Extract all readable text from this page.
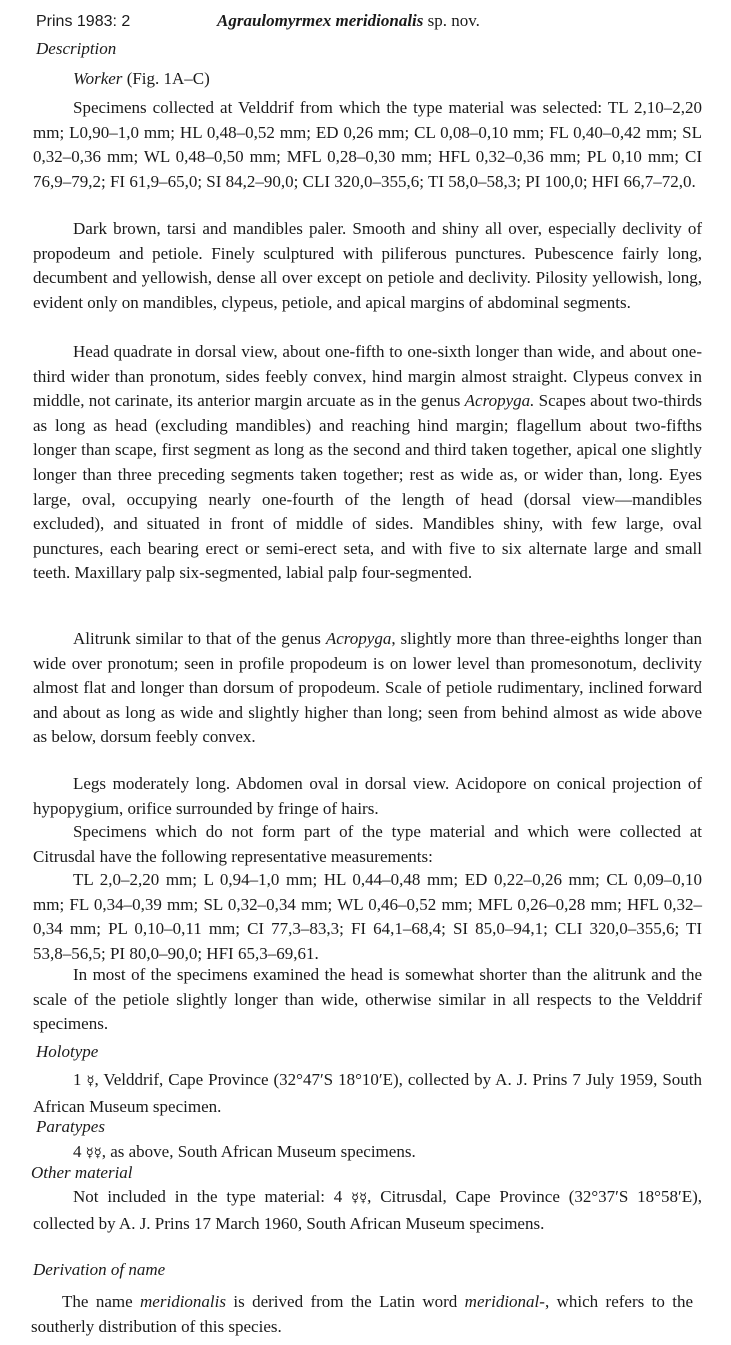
Prins 1983: 2	Agraulomyrmex meridionalis sp. nov.
Description
Worker (Fig. 1A–C)

Specimens collected at Velddrif from which the type material was selected: TL 2,10–2,20 mm; L0,90–1,0 mm; HL 0,48–0,52 mm; ED 0,26 mm; CL 0,08–0,10 mm; FL 0,40–0,42 mm; SL 0,32–0,36 mm; WL 0,48–0,50 mm; MFL 0,28–0,30 mm; HFL 0,32–0,36 mm; PL 0,10 mm; CI 76,9–79,2; FI 61,9–65,0; SI 84,2–90,0; CLI 320,0–355,6; TI 58,0–58,3; PI 100,0; HFI 66,7–72,0.

Dark brown, tarsi and mandibles paler. Smooth and shiny all over, especially declivity of propodeum and petiole. Finely sculptured with piliferous punctures. Pubescence fairly long, decumbent and yellowish, dense all over except on petiole and declivity. Pilosity yellowish, long, evident only on mandibles, clypeus, petiole, and apical margins of abdominal segments.

Head quadrate in dorsal view, about one-fifth to one-sixth longer than wide, and about one-third wider than pronotum, sides feebly convex, hind margin almost straight. Clypeus convex in middle, not carinate, its anterior margin arcuate as in the genus Acropyga. Scapes about two-thirds as long as head (excluding mandibles) and reaching hind margin; flagellum about two-fifths longer than scape, first segment as long as the second and third taken together, apical one slightly longer than three preceding segments taken together; rest as wide as, or wider than, long. Eyes large, oval, occupying nearly one-fourth of the length of head (dorsal view—mandibles excluded), and situated in front of middle of sides. Mandibles shiny, with few large, oval punctures, each bearing erect or semi-erect seta, and with five to six alternate large and small teeth. Maxillary palp six-segmented, labial palp four-segmented.

Alitrunk similar to that of the genus Acropyga, slightly more than three-eighths longer than wide over pronotum; seen in profile propodeum is on lower level than promesonotum, declivity almost flat and longer than dorsum of propodeum. Scale of petiole rudimentary, inclined forward and about as long as wide and slightly higher than long; seen from behind almost as wide above as below, dorsum feebly convex.

Legs moderately long. Abdomen oval in dorsal view. Acidopore on conical projection of hypopygium, orifice surrounded by fringe of hairs.

Specimens which do not form part of the type material and which were collected at Citrusdal have the following representative measurements:

TL 2,0–2,20 mm; L 0,94–1,0 mm; HL 0,44–0,48 mm; ED 0,22–0,26 mm; CL 0,09–0,10 mm; FL 0,34–0,39 mm; SL 0,32–0,34 mm; WL 0,46–0,52 mm; MFL 0,26–0,28 mm; HFL 0,32–0,34 mm; PL 0,10–0,11 mm; CI 77,3–83,3; FI 64,1–68,4; SI 85,0–94,1; CLI 320,0–355,6; TI 53,8–56,5; PI 80,0–90,0; HFI 65,3–69,61.

In most of the specimens examined the head is somewhat shorter than the alitrunk and the scale of the petiole slightly longer than wide, otherwise similar in all respects to the Velddrif specimens.

Holotype

1 ☿, Velddrif, Cape Province (32°47′S 18°10′E), collected by A. J. Prins 7 July 1959, South African Museum specimen.

Paratypes

4 ☿☿, as above, South African Museum specimens.

Other material

Not included in the type material: 4 ☿☿, Citrusdal, Cape Province (32°37′S 18°58′E), collected by A. J. Prins 17 March 1960, South African Museum specimens.

Derivation of name

The name meridionalis is derived from the Latin word meridional-, which refers to the southerly distribution of this species.
